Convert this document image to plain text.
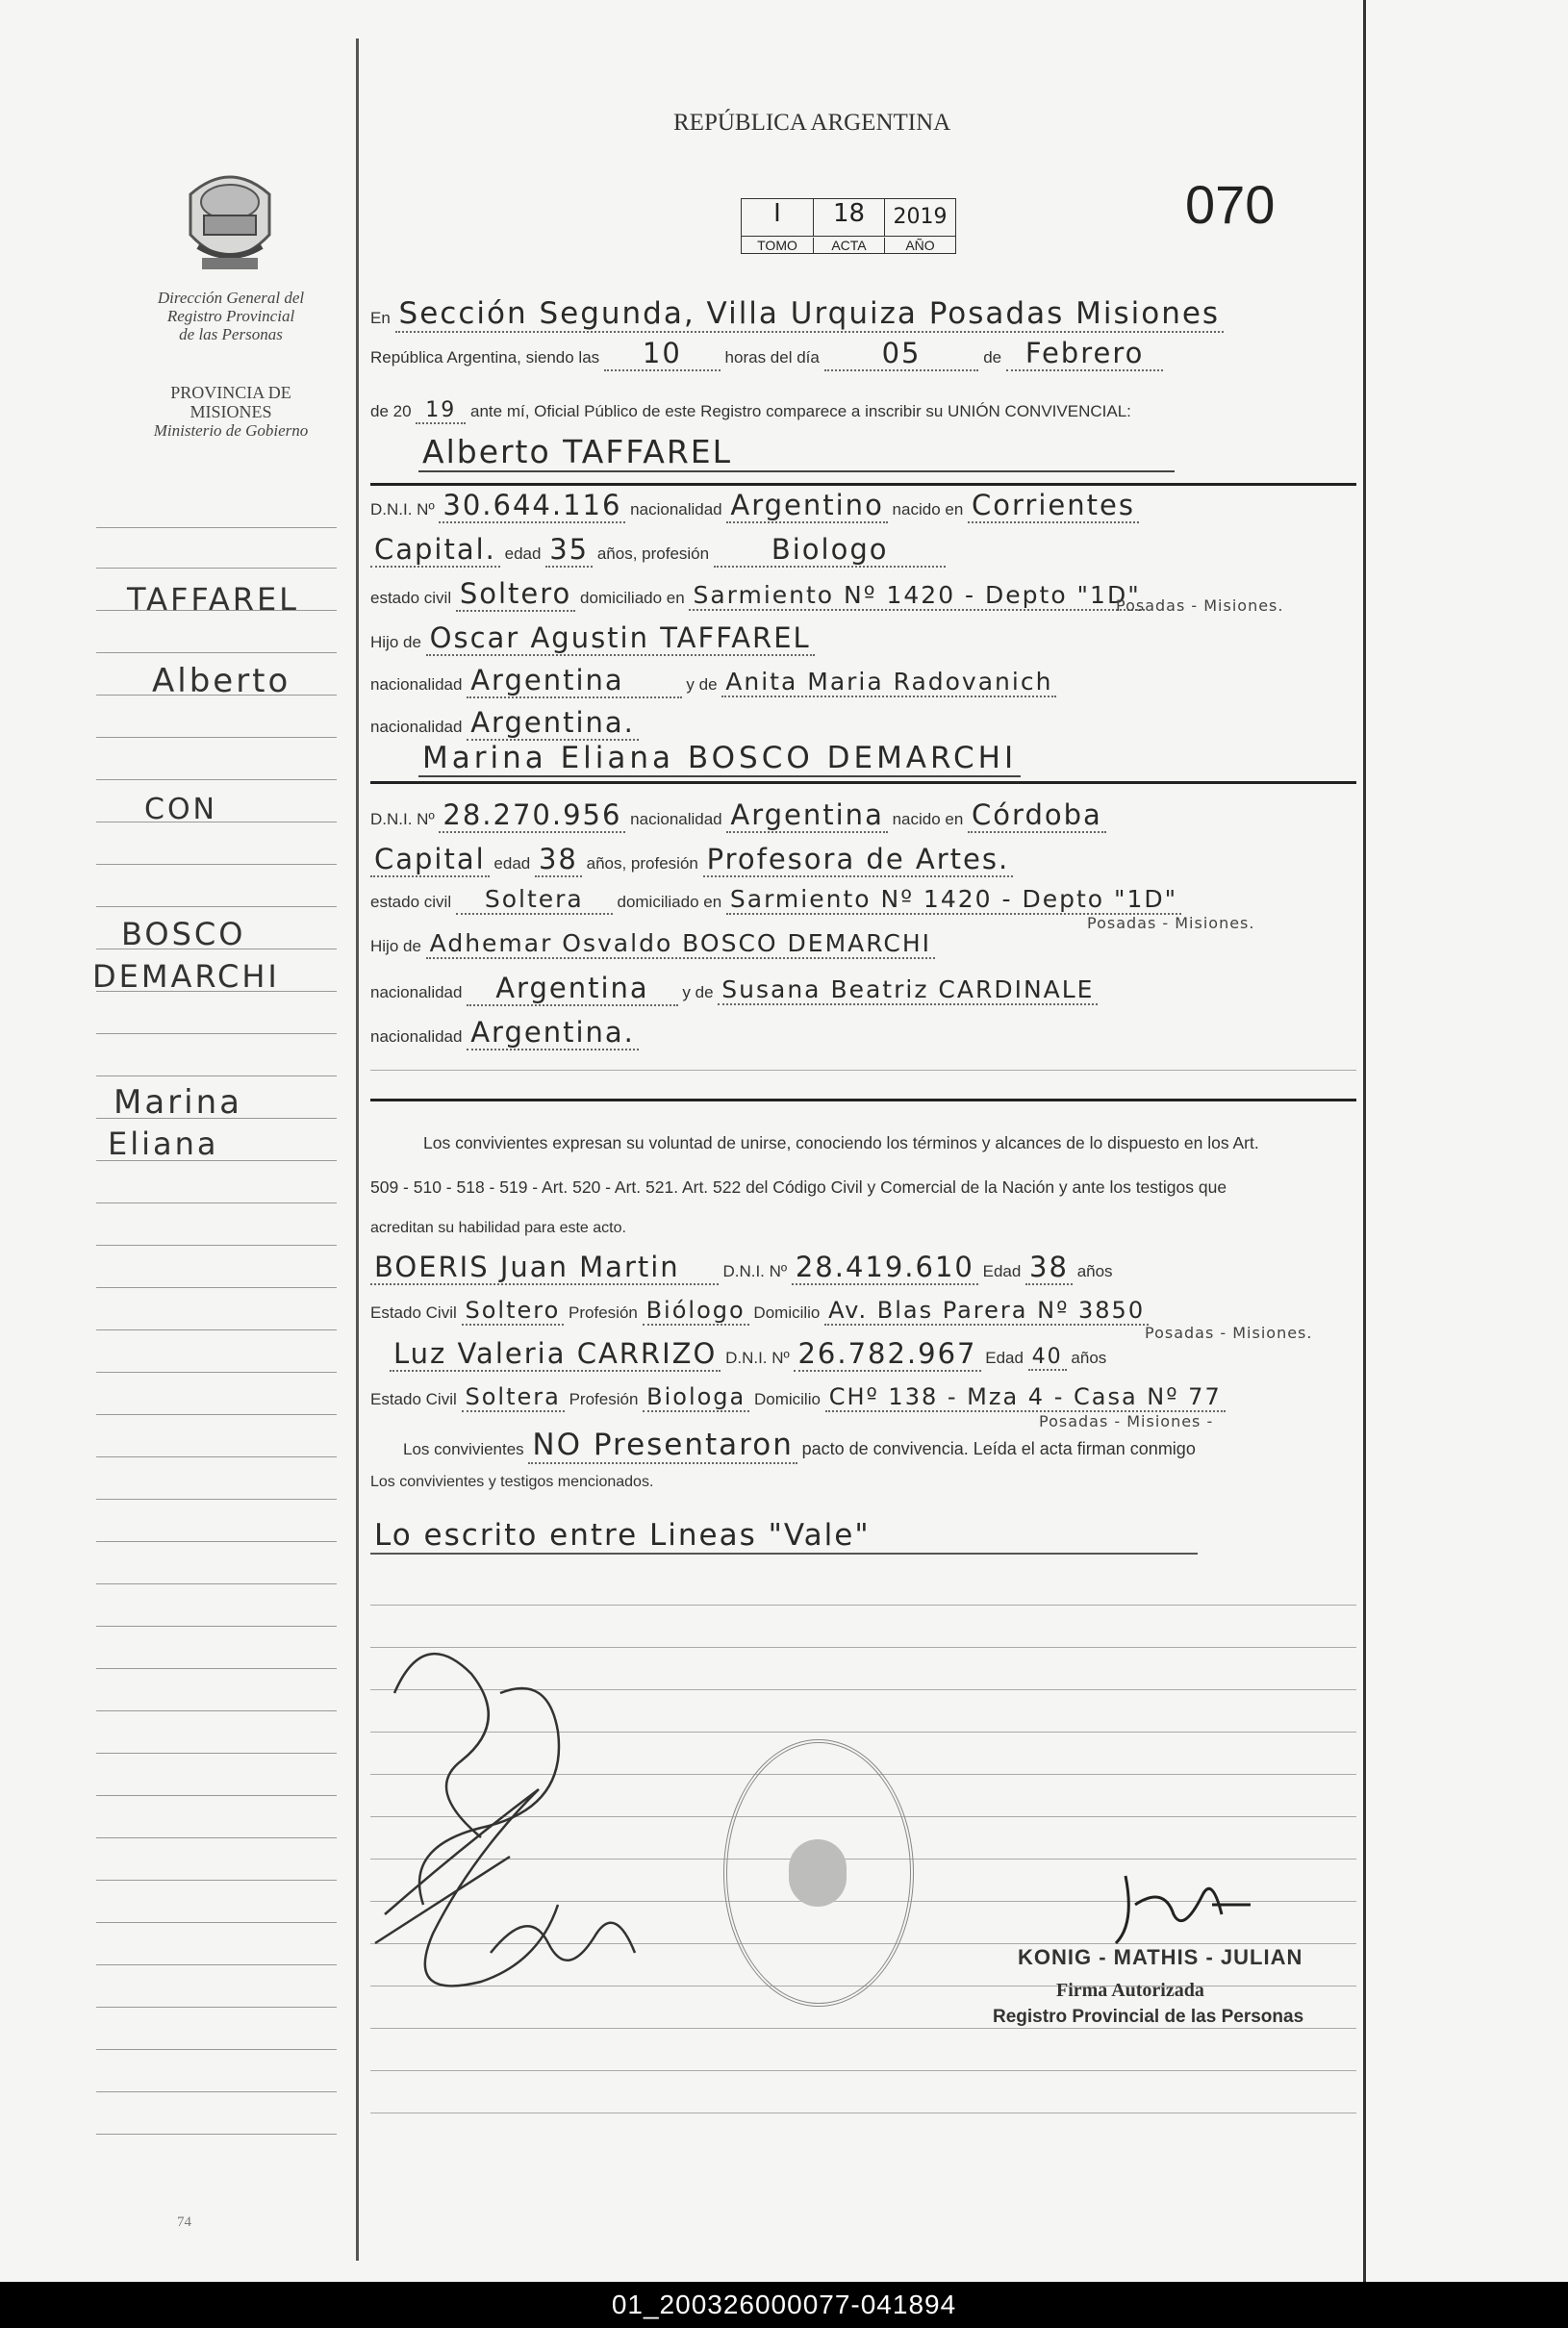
Dirección General del
Registro Provincial
de las Personas
PROVINCIA DE
MISIONES
Ministerio de Gobierno
TAFFAREL
Alberto
CON
BOSCO
DEMARCHI
Marina
Eliana
74
REPÚBLICA ARGENTINA
I	18	2019
TOMO	ACTA	AÑO
070
En Sección Segunda, Villa Urquiza Posadas Misiones
República Argentina, siendo las 10	horas del día 05	de Febrero
de 20 19 ante mí, Oficial Público de este Registro comparece a inscribir su UNIÓN CONVIVENCIAL:
Alberto TAFFAREL
D.N.I. Nº 30.644.116 nacionalidad Argentino nacido en Corrientes
Capital. edad 35 años, profesión Biologo
estado civil Soltero domiciliado en Sarmiento Nº 1420 - Depto "1D"
Posadas - Misiones.
Hijo de Oscar Agustin TAFFAREL
nacionalidad Argentina	y de Anita Maria Radovanich
nacionalidad Argentina.
Marina Eliana BOSCO DEMARCHI
D.N.I. Nº 28.270.956 nacionalidad Argentina nacido en Córdoba
Capital edad 38 años, profesión Profesora de Artes.
estado civil Soltera domiciliado en Sarmiento Nº 1420 - Depto "1D"
Posadas - Misiones.
Hijo de Adhemar Osvaldo BOSCO DEMARCHI
nacionalidad Argentina y de Susana Beatriz CARDINALE
nacionalidad Argentina.
Los convivientes expresan su voluntad de unirse, conociendo los términos y alcances de lo dispuesto en los Art.
509 - 510 - 518 - 519 - Art. 520 - Art. 521. Art. 522 del Código Civil y Comercial de la Nación y ante los testigos que
acreditan su habilidad para este acto.
BOERIS Juan Martin	D.N.I. Nº 28.419.610 Edad 38 años
Estado Civil Soltero Profesión Biólogo Domicilio Av. Blas Parera Nº 3850
Posadas - Misiones.
Luz Valeria CARRIZO D.N.I. Nº 26.782.967 Edad 40 años
Estado Civil Soltera Profesión Biologa Domicilio CHº 138 - Mza 4 - Casa Nº 77
Posadas - Misiones -
Los convivientes NO Presentaron pacto de convivencia. Leída el acta firman conmigo
Los convivientes y testigos mencionados.
Lo escrito entre Lineas "Vale"
KONIG - MATHIS - JULIAN
Firma Autorizada
Registro Provincial de las Personas
01_200326000077-041894
